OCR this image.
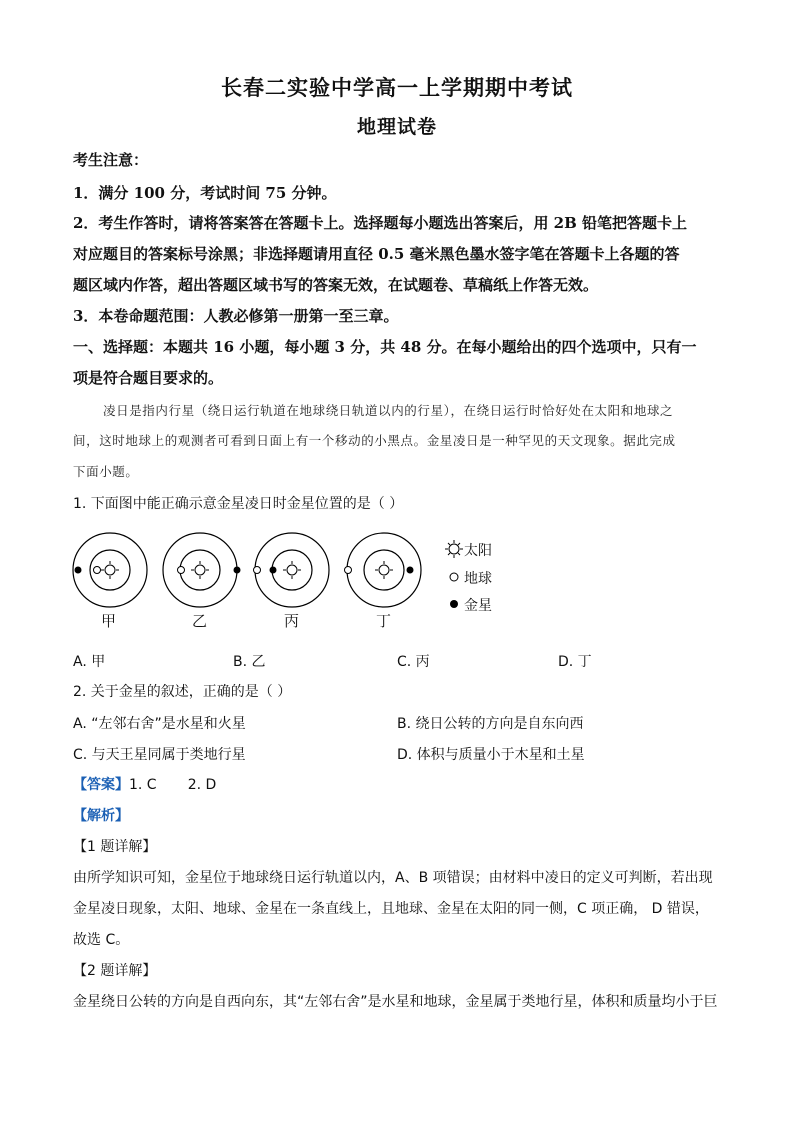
长春二实验中学高一上学期期中考试
地理试卷
考生注意：
1．满分 100 分，考试时间 75 分钟。
2．考生作答时，请将答案答在答题卡上。选择题每小题选出答案后，用 2B 铅笔把答题卡上
对应题目的答案标号涂黑；非选择题请用直径 0.5 毫米黑色墨水签字笔在答题卡上各题的答
题区域内作答，超出答题区域书写的答案无效，在试题卷、草稿纸上作答无效。
3．本卷命题范围：人教必修第一册第一至三章。
一、选择题：本题共 16 小题，每小题 3 分，共 48 分。在每小题给出的四个选项中，只有一
项是符合题目要求的。
凌日是指内行星（绕日运行轨道在地球绕日轨道以内的行星），在绕日运行时恰好处在太阳和地球之
间，这时地球上的观测者可看到日面上有一个移动的小黑点。金星凌日是一种罕见的天文现象。据此完成
下面小题。
1. 下面图中能正确示意金星凌日时金星位置的是（ ）
太阳
地球
金星
甲	乙	丙	丁
A. 甲	B. 乙	C. 丙	D. 丁
2. 关于金星的叙述，正确的是（ ）
A. “左邻右舍”是水星和火星	B. 绕日公转的方向是自东向西
C. 与天王星同属于类地行星	D. 体积与质量小于木星和土星
【答案】1. C       2. D
【解析】
【1 题详解】
由所学知识可知，金星位于地球绕日运行轨道以内，A、B 项错误；由材料中凌日的定义可判断，若出现
金星凌日现象，太阳、地球、金星在一条直线上，且地球、金星在太阳的同一侧，C 项正确， D 错误，
故选 C。
【2 题详解】
金星绕日公转的方向是自西向东，其“左邻右舍”是水星和地球，金星属于类地行星，体积和质量均小于巨
